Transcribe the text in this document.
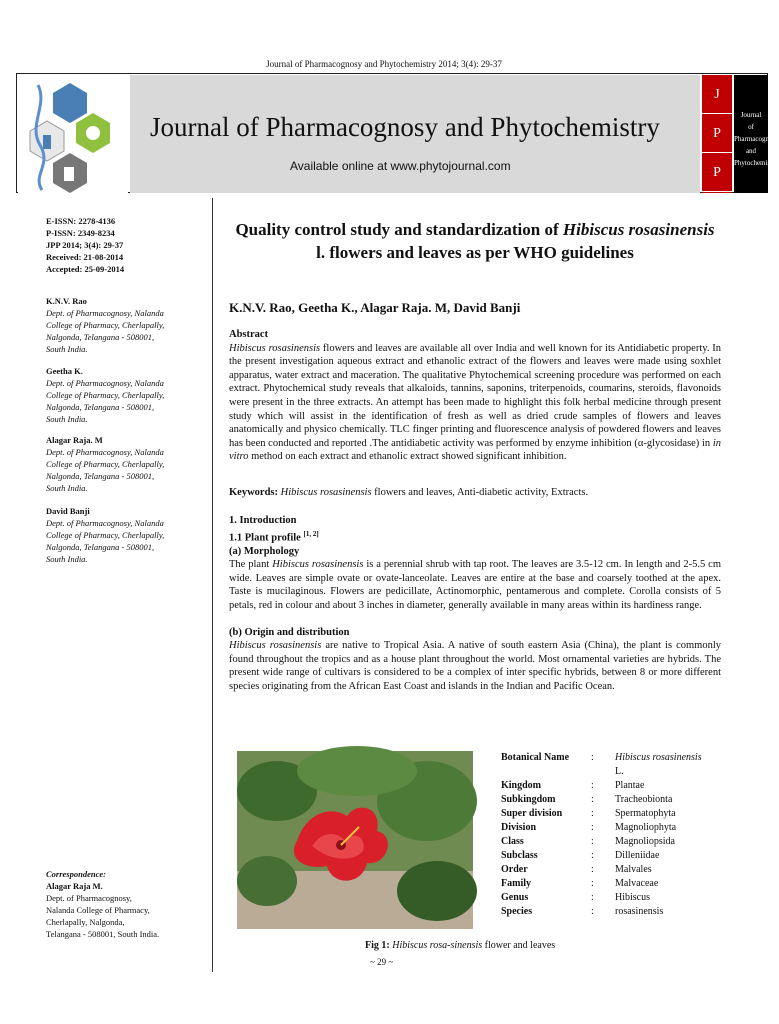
Journal of Pharmacognosy and Phytochemistry 2014; 3(4): 29-37
Journal of Pharmacognosy and Phytochemistry
Available online at www.phytojournal.com
J
P
P
Journal
of
Pharmacognosy
and
Phytochemistry
E-ISSN: 2278-4136
P-ISSN: 2349-8234
JPP 2014; 3(4): 29-37
Received: 21-08-2014
Accepted: 25-09-2014
K.N.V. Rao
Dept. of Pharmacognosy, Nalanda
College of Pharmacy, Cherlapally,
Nalgonda, Telangana - 508001,
South India.
Geetha K.
Dept. of Pharmacognosy, Nalanda
College of Pharmacy, Cherlapally,
Nalgonda, Telangana - 508001,
South India.
Alagar Raja. M
Dept. of Pharmacognosy, Nalanda
College of Pharmacy, Cherlapally,
Nalgonda, Telangana - 508001,
South India.
David Banji
Dept. of Pharmacognosy, Nalanda
College of Pharmacy, Cherlapally,
Nalgonda, Telangana - 508001,
South India.
Correspondence:
Alagar Raja M.
Dept. of Pharmacognosy,
Nalanda College of Pharmacy,
Cherlapally, Nalgonda,
Telangana - 508001, South India.
Quality control study and standardization of Hibiscus rosasinensis l. flowers and leaves as per WHO guidelines
K.N.V. Rao, Geetha K., Alagar Raja. M, David Banji
Abstract
Hibiscus rosasinensis flowers and leaves are available all over India and well known for its Antidiabetic property. In the present investigation aqueous extract and ethanolic extract of the flowers and leaves were made using soxhlet apparatus, water extract and maceration. The qualitative Phytochemical screening procedure was performed on each extract. Phytochemical study reveals that alkaloids, tannins, saponins, triterpenoids, coumarins, steroids, flavonoids were present in the three extracts. An attempt has been made to highlight this folk herbal medicine through present study which will assist in the identification of fresh as well as dried crude samples of flowers and leaves anatomically and physico chemically. TLC finger printing and fluorescence analysis of powdered flowers and leaves has been conducted and reported .The antidiabetic activity was performed by enzyme inhibition (α-glycosidase) in in vitro method on each extract and ethanolic extract showed significant inhibition.
Keywords: Hibiscus rosasinensis flowers and leaves, Anti-diabetic activity, Extracts.
1. Introduction
1.1 Plant profile [1, 2]
(a) Morphology
The plant Hibiscus rosasinensis is a perennial shrub with tap root. The leaves are 3.5-12 cm. In length and 2-5.5 cm wide. Leaves are simple ovate or ovate-lanceolate. Leaves are entire at the base and coarsely toothed at the apex. Taste is mucilaginous. Flowers are pedicillate, Actinomorphic, pentamerous and complete. Corolla consists of 5 petals, red in colour and about 3 inches in diameter, generally available in many areas within its hardiness range.
(b) Origin and distribution
Hibiscus rosasinensis are native to Tropical Asia. A native of south eastern Asia (China), the plant is commonly found throughout the tropics and as a house plant throughout the world. Most ornamental varieties are hybrids. The present wide range of cultivars is considered to be a complex of inter specific hybrids, between 8 or more different species originating from the African East Coast and islands in the Indian and Pacific Ocean.
Botanical Name	:	Hibiscus rosasinensis L.
Kingdom	:	Plantae
Subkingdom	:	Tracheobionta
Super division	:	Spermatophyta
Division	:	Magnoliophyta
Class	:	Magnoliopsida
Subclass	:	Dilleniidae
Order	:	Malvales
Family	:	Malvaceae
Genus	:	Hibiscus
Species	:	rosasinensis
Fig 1: Hibiscus rosa-sinensis flower and leaves
~ 29 ~
